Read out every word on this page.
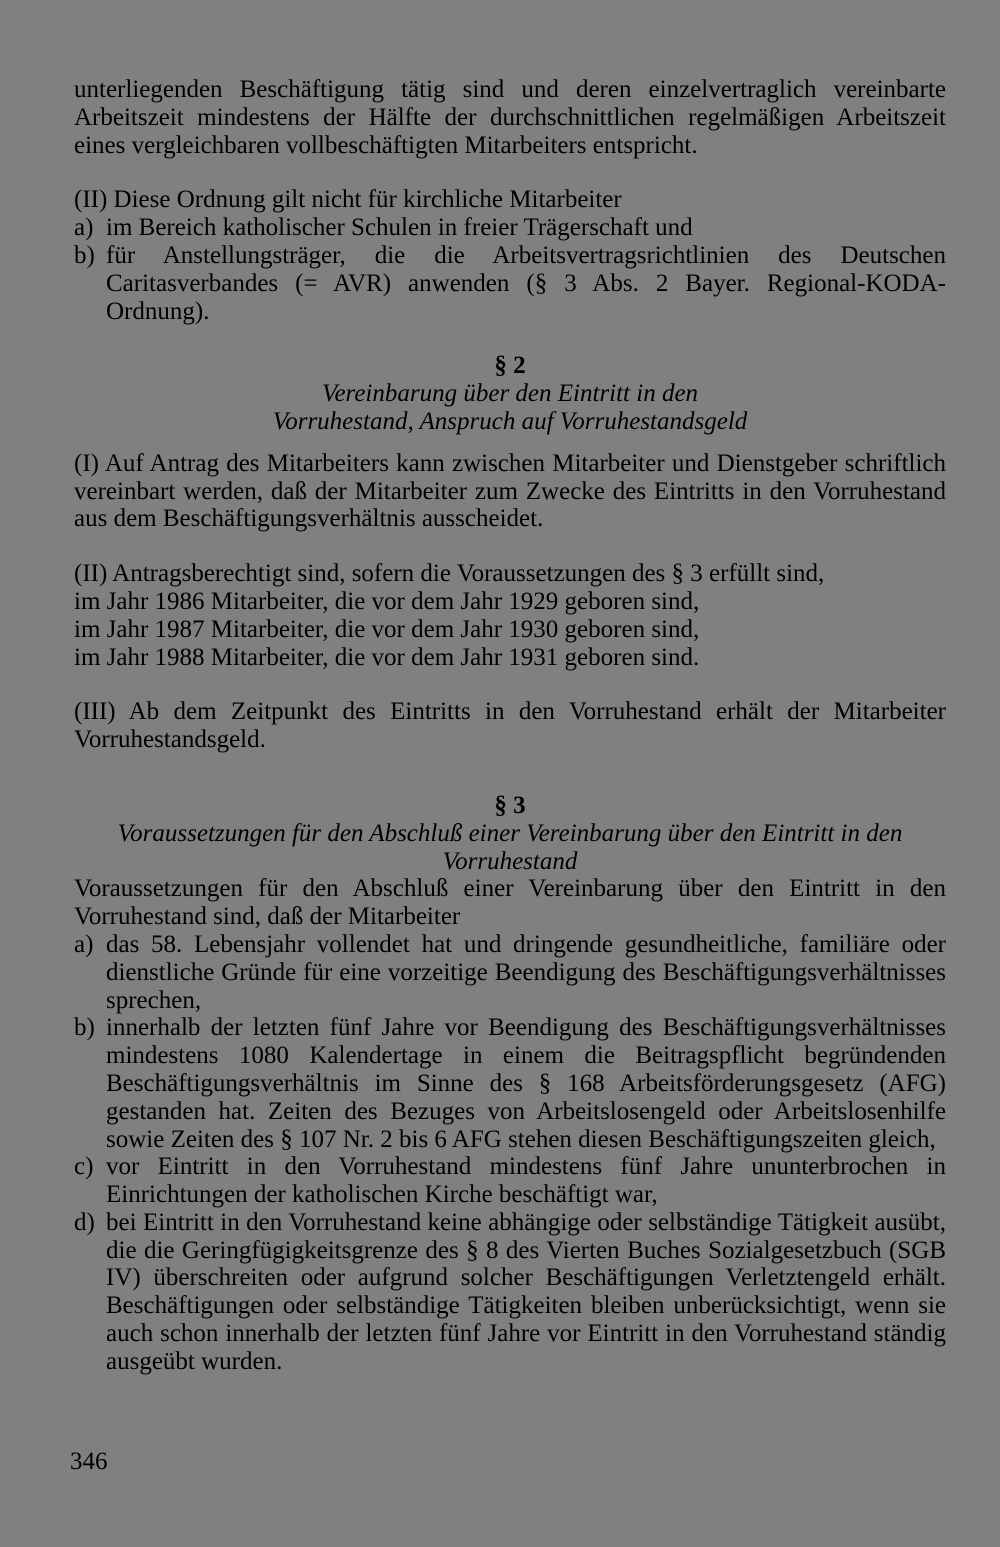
unterliegenden Beschäftigung tätig sind und deren einzelvertraglich vereinbarte Arbeitszeit mindestens der Hälfte der durchschnittlichen regelmäßigen Arbeitszeit eines vergleichbaren vollbeschäftigten Mitarbeiters entspricht.

(II) Diese Ordnung gilt nicht für kirchliche Mitarbeiter

a) im Bereich katholischer Schulen in freier Trägerschaft und
b) für Anstellungsträger, die die Arbeitsvertragsrichtlinien des Deutschen Caritasverbandes (= AVR) anwenden (§ 3 Abs. 2 Bayer. Regional-KODA-Ordnung).
§ 2
Vereinbarung über den Eintritt in den
Vorruhestand, Anspruch auf Vorruhestandsgeld

(I) Auf Antrag des Mitarbeiters kann zwischen Mitarbeiter und Dienstgeber schriftlich vereinbart werden, daß der Mitarbeiter zum Zwecke des Eintritts in den Vorruhestand aus dem Beschäftigungsverhältnis ausscheidet.

(II) Antragsberechtigt sind, sofern die Voraussetzungen des § 3 erfüllt sind,

im Jahr 1986 Mitarbeiter, die vor dem Jahr 1929 geboren sind,

im Jahr 1987 Mitarbeiter, die vor dem Jahr 1930 geboren sind,

im Jahr 1988 Mitarbeiter, die vor dem Jahr 1931 geboren sind.

(III) Ab dem Zeitpunkt des Eintritts in den Vorruhestand erhält der Mitarbeiter Vorruhestandsgeld.

§ 3
Voraussetzungen für den Abschluß einer Vereinbarung über den Eintritt in den
Vorruhestand

Voraussetzungen für den Abschluß einer Vereinbarung über den Eintritt in den Vorruhestand sind, daß der Mitarbeiter

a) das 58. Lebensjahr vollendet hat und dringende gesundheitliche, familiäre oder dienstliche Gründe für eine vorzeitige Beendigung des Beschäftigungsverhältnisses sprechen,
b) innerhalb der letzten fünf Jahre vor Beendigung des Beschäftigungsverhältnisses mindestens 1080 Kalendertage in einem die Beitragspflicht begründenden Beschäftigungsverhältnis im Sinne des § 168 Arbeitsförderungsgesetz (AFG) gestanden hat. Zeiten des Bezuges von Arbeitslosengeld oder Arbeitslosenhilfe sowie Zeiten des § 107 Nr. 2 bis 6 AFG stehen diesen Beschäftigungszeiten gleich,
c) vor Eintritt in den Vorruhestand mindestens fünf Jahre ununterbrochen in Einrichtungen der katholischen Kirche beschäftigt war,
d) bei Eintritt in den Vorruhestand keine abhängige oder selbständige Tätigkeit ausübt, die die Geringfügigkeitsgrenze des § 8 des Vierten Buches Sozialgesetzbuch (SGB IV) überschreiten oder aufgrund solcher Beschäftigungen Verletztengeld erhält. Beschäftigungen oder selbständige Tätigkeiten bleiben unberücksichtigt, wenn sie auch schon innerhalb der letzten fünf Jahre vor Eintritt in den Vorruhestand ständig ausgeübt wurden.
346
